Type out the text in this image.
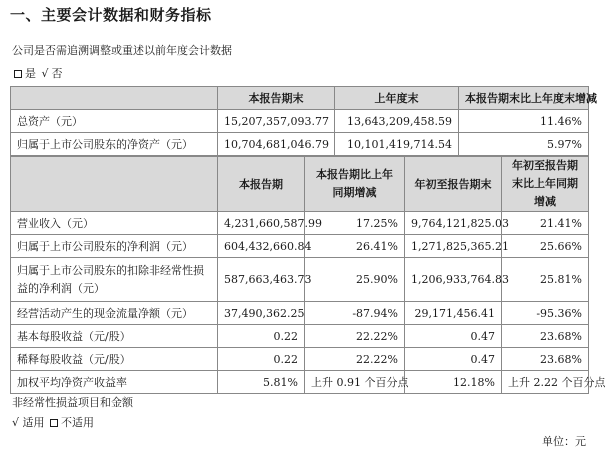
一、主要会计数据和财务指标
公司是否需追溯调整或重述以前年度会计数据
是 √ 否
	本报告期末	上年度末	本报告期末比上年度末增减
总资产（元）	15,207,357,093.77	13,643,209,458.59	11.46%
归属于上市公司股东的净资产（元）	10,704,681,046.79	10,101,419,714.54	5.97%
	本报告期	本报告期比上年同期增减	年初至报告期末	年初至报告期末比上年同期增减
营业收入（元）	4,231,660,587.99	17.25%	9,764,121,825.03	21.41%
归属于上市公司股东的净利润（元）	604,432,660.84	26.41%	1,271,825,365.21	25.66%
归属于上市公司股东的扣除非经常性损益的净利润（元）	587,663,463.73	25.90%	1,206,933,764.83	25.81%
经营活动产生的现金流量净额（元）	37,490,362.25	-87.94%	29,171,456.41	-95.36%
基本每股收益（元/股）	0.22	22.22%	0.47	23.68%
稀释每股收益（元/股）	0.22	22.22%	0.47	23.68%
加权平均净资产收益率	5.81%	上升 0.91 个百分点	12.18%	上升 2.22 个百分点
非经常性损益项目和金额
√ 适用 不适用
单位：元
